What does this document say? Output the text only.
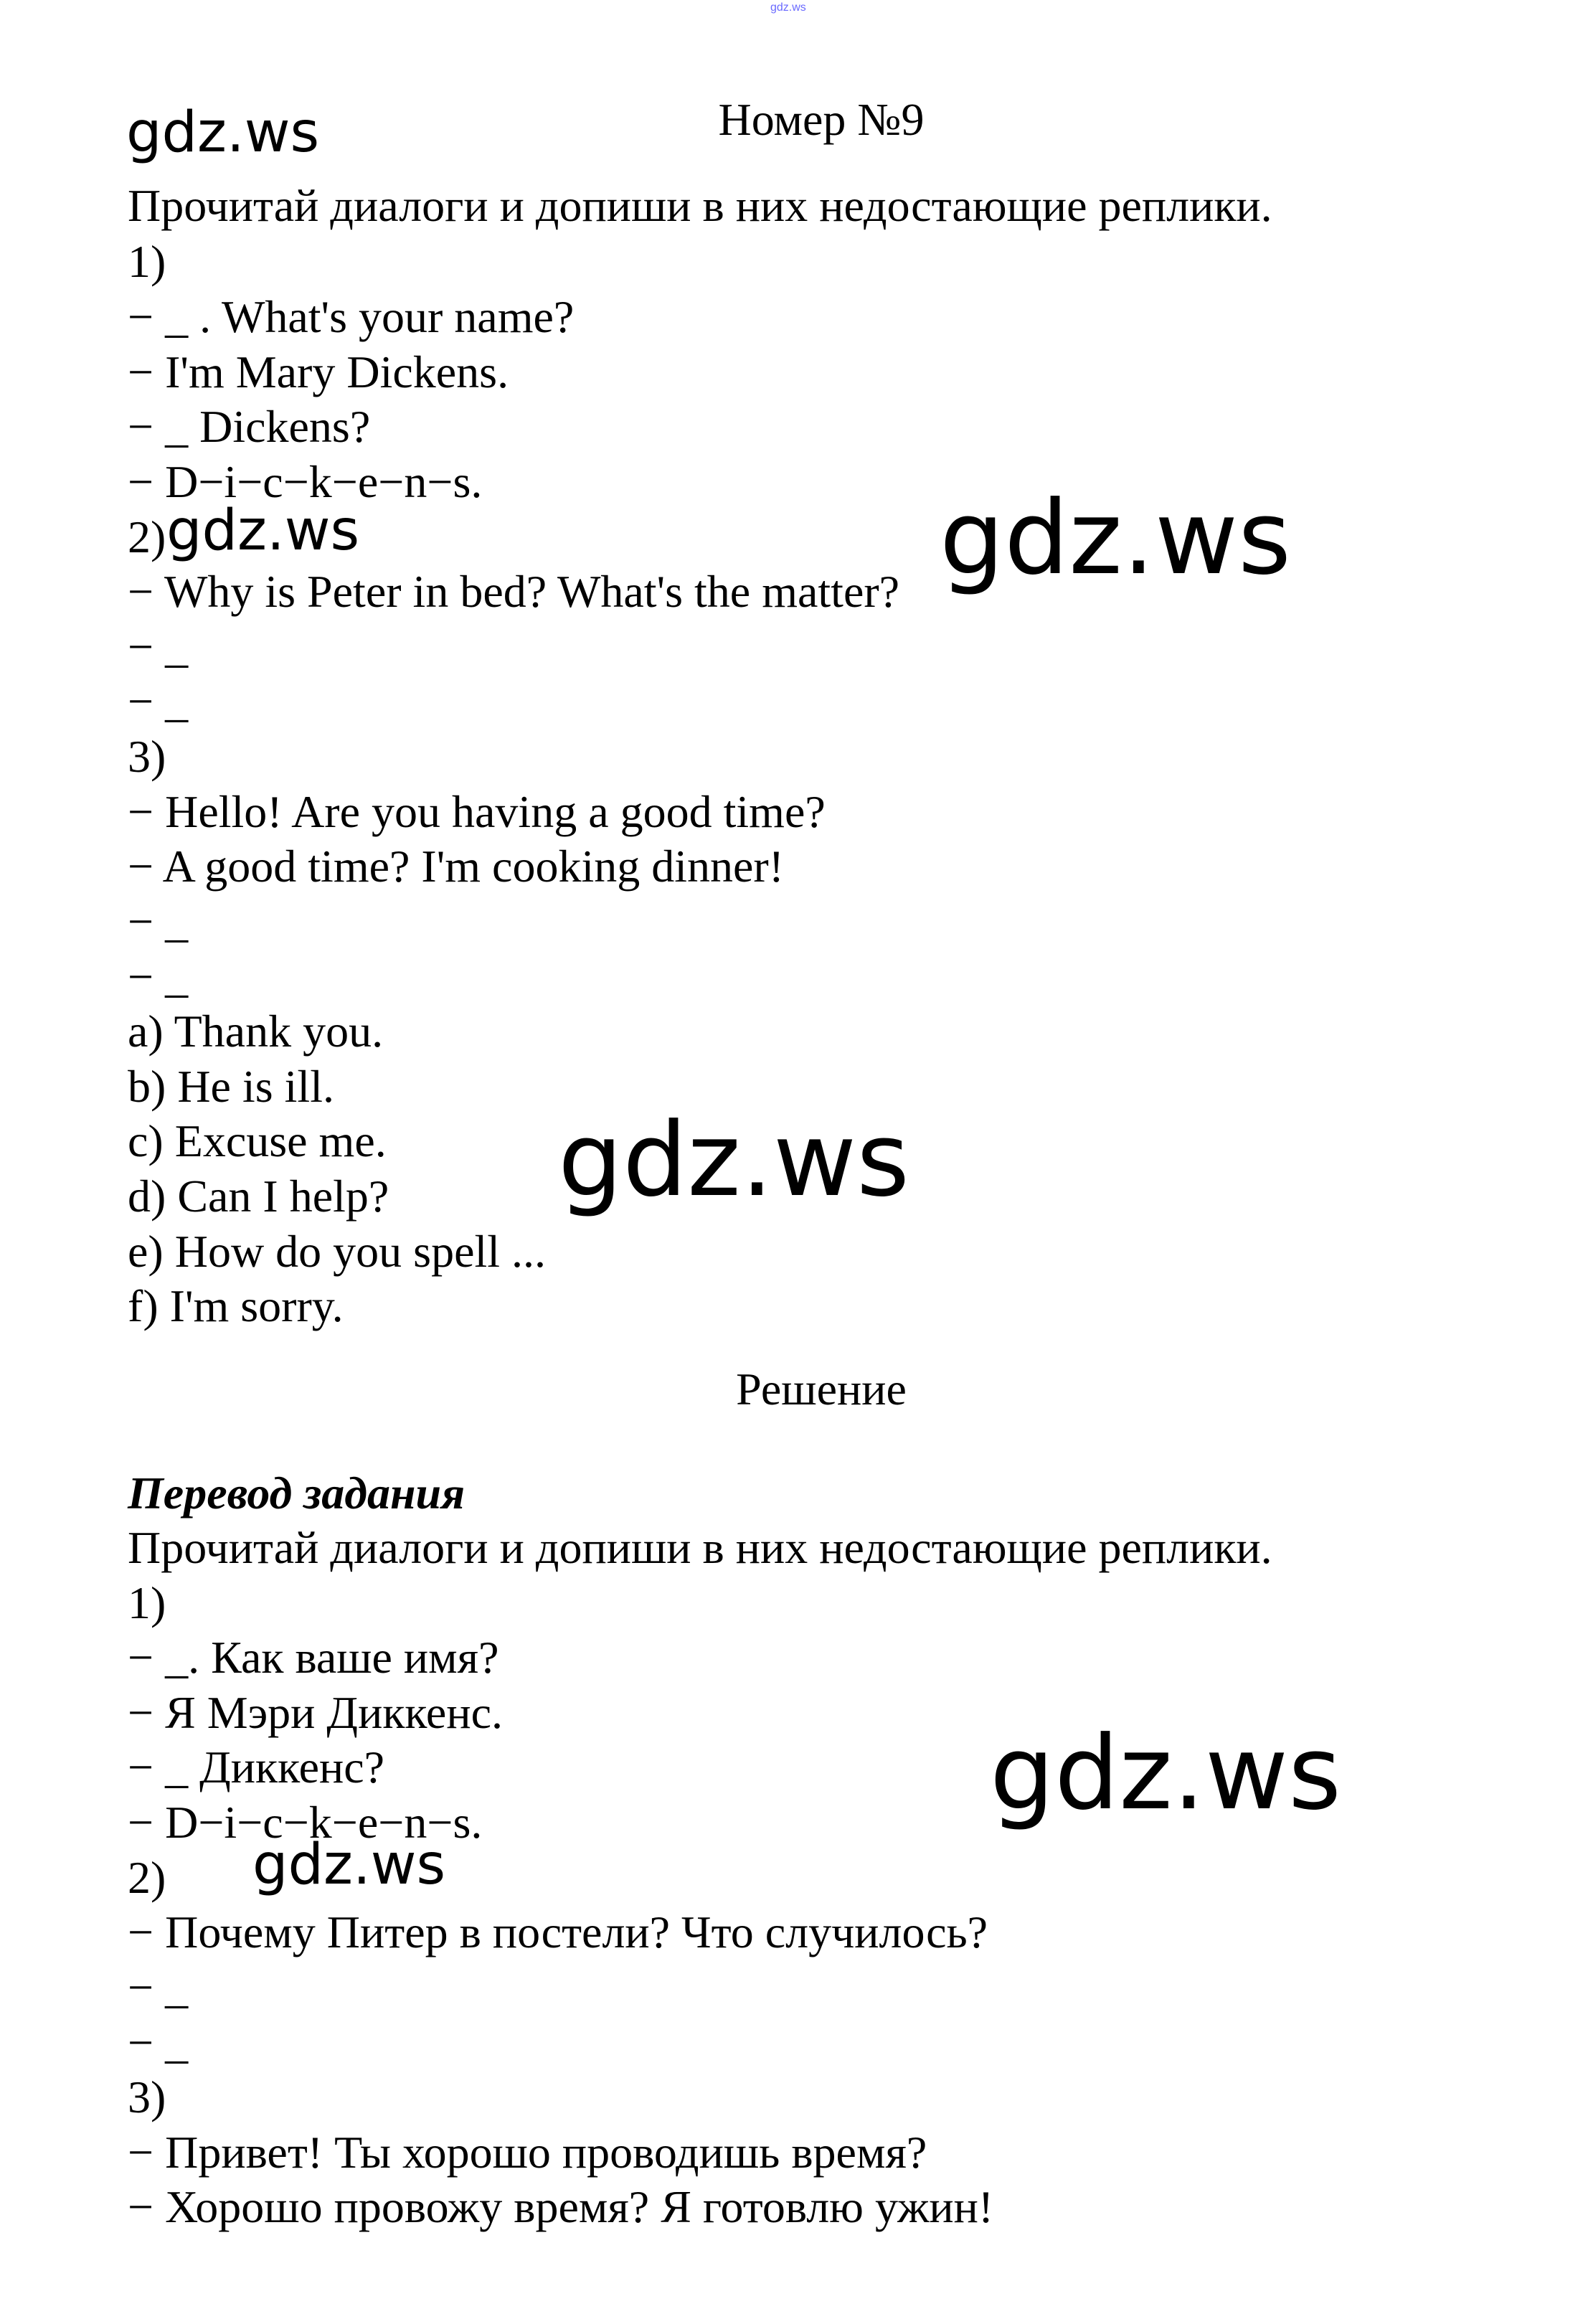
gdz.ws
gdz.ws	Номер №9
Прочитай диалоги и допиши в них недостающие реплики.
1)
− _ . What's your name?
− I'm Mary Dickens.
− _ Dickens?
− D−i−c−k−e−n−s.
2) gdz.ws	gdz.ws
− Why is Peter in bed? What's the matter?
− _
− _
3)
− Hello! Are you having a good time?
− A good time? I'm cooking dinner!
− _
− _
a) Thank you.
b) He is ill.
c) Excuse me.
d) Can I help?
e) How do you spell ...
f) I'm sorry.
gdz.ws
Решение
Перевод задания
Прочитай диалоги и допиши в них недостающие реплики.
1)
− _. Как ваше имя?
− Я Мэри Диккенс.
− _ Диккенс?
− D−i−c−k−e−n−s.	gdz.ws
2) gdz.ws
− Почему Питер в постели? Что случилось?
− _
− _
3)
− Привет! Ты хорошо проводишь время?
− Хорошо провожу время? Я готовлю ужин!
